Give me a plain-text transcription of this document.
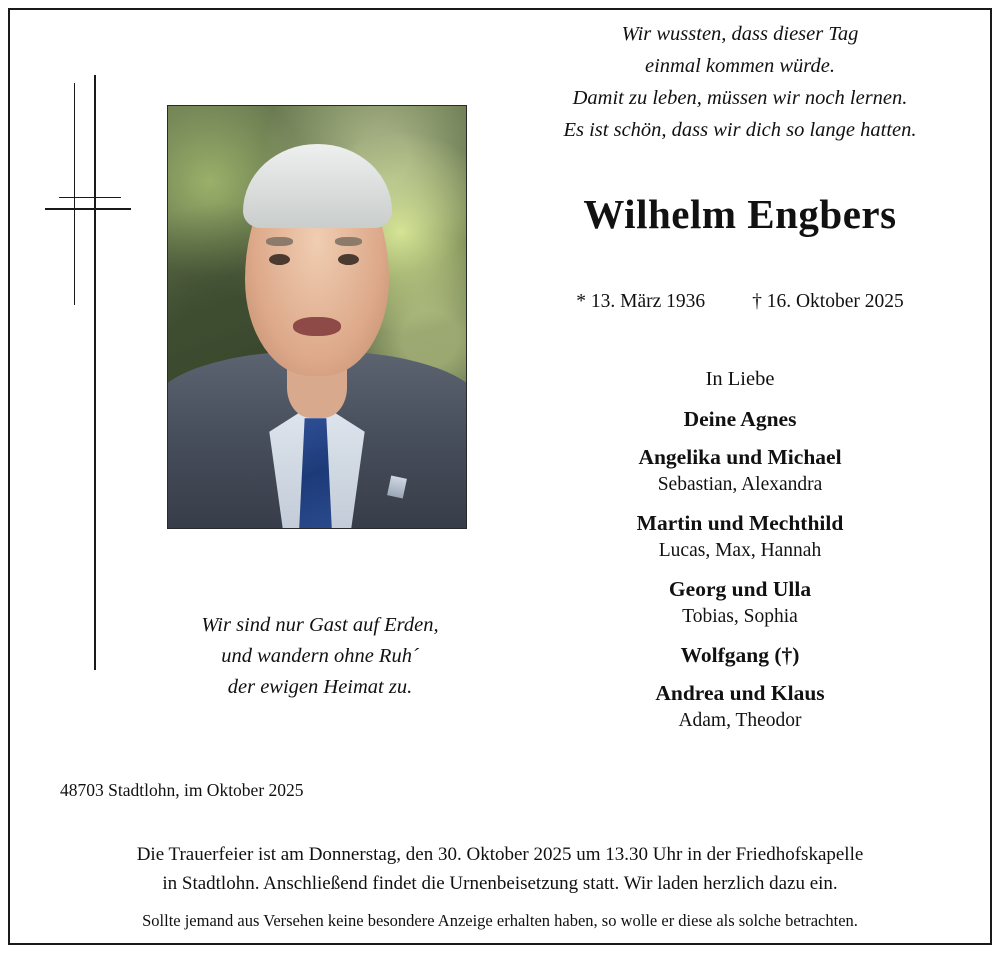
Wir wussten, dass dieser Tag
einmal kommen würde.
Damit zu leben, müssen wir noch lernen.
Es ist schön, dass wir dich so lange hatten.
Wilhelm Engbers
* 13. März 1936 † 16. Oktober 2025
In Liebe
Deine Agnes
Angelika und Michael
Sebastian, Alexandra
Martin und Mechthild
Lucas, Max, Hannah
Georg und Ulla
Tobias, Sophia
Wolfgang (†)
Andrea und Klaus
Adam, Theodor
Wir sind nur Gast auf Erden,
und wandern ohne Ruh´
der ewigen Heimat zu.
48703 Stadtlohn, im Oktober 2025
Die Trauerfeier ist am Donnerstag, den 30. Oktober 2025 um 13.30 Uhr in der Friedhofskapelle
in Stadtlohn. Anschließend findet die Urnenbeisetzung statt. Wir laden herzlich dazu ein.
Sollte jemand aus Versehen keine besondere Anzeige erhalten haben, so wolle er diese als solche betrachten.
